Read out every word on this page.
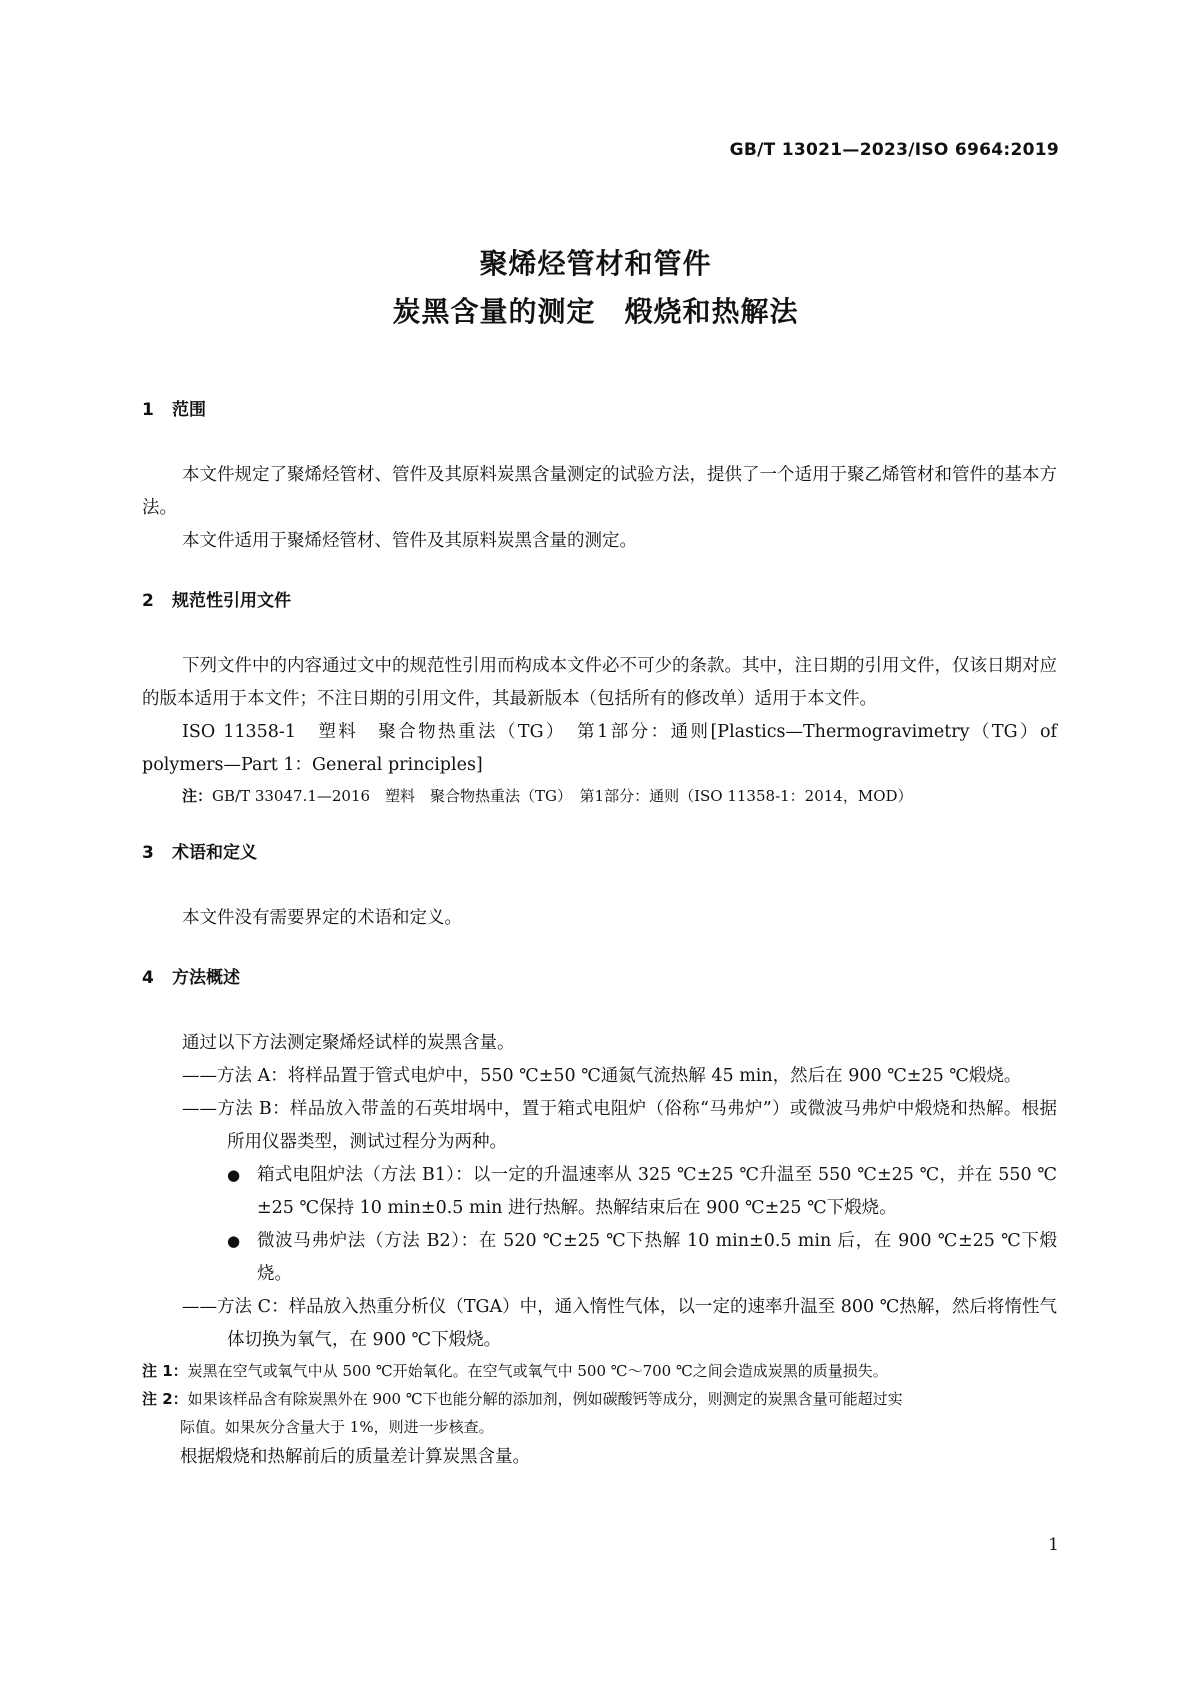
GB/T 13021—2023/ISO 6964:2019
聚烯烃管材和管件
炭黑含量的测定　煅烧和热解法
1 范围

本文件规定了聚烯烃管材、管件及其原料炭黑含量测定的试验方法，提供了一个适用于聚乙烯管材和管件的基本方法。

本文件适用于聚烯烃管材、管件及其原料炭黑含量的测定。

2 规范性引用文件

下列文件中的内容通过文中的规范性引用而构成本文件必不可少的条款。其中，注日期的引用文件，仅该日期对应的版本适用于本文件；不注日期的引用文件，其最新版本（包括所有的修改单）适用于本文件。

ISO 11358-1　塑料　聚合物热重法（TG）　第1部分：通则[Plastics—Thermogravimetry（TG）of polymers—Part 1：General principles]

注：GB/T 33047.1—2016　塑料　聚合物热重法（TG）　第1部分：通则（ISO 11358-1：2014，MOD）

3 术语和定义

本文件没有需要界定的术语和定义。

4 方法概述

通过以下方法测定聚烯烃试样的炭黑含量。

——方法 A：将样品置于管式电炉中，550 ℃±50 ℃通氮气流热解 45 min，然后在 900 ℃±25 ℃煅烧。

——方法 B：样品放入带盖的石英坩埚中，置于箱式电阻炉（俗称“马弗炉”）或微波马弗炉中煅烧和热解。根据所用仪器类型，测试过程分为两种。

● 箱式电阻炉法（方法 B1）：以一定的升温速率从 325 ℃±25 ℃升温至 550 ℃±25 ℃，并在 550 ℃±25 ℃保持 10 min±0.5 min 进行热解。热解结束后在 900 ℃±25 ℃下煅烧。
● 微波马弗炉法（方法 B2）：在 520 ℃±25 ℃下热解 10 min±0.5 min 后，在 900 ℃±25 ℃下煅烧。

——方法 C：样品放入热重分析仪（TGA）中，通入惰性气体，以一定的速率升温至 800 ℃热解，然后将惰性气体切换为氧气，在 900 ℃下煅烧。

注 1：炭黑在空气或氧气中从 500 ℃开始氧化。在空气或氧气中 500 ℃～700 ℃之间会造成炭黑的质量损失。

注 2：如果该样品含有除炭黑外在 900 ℃下也能分解的添加剂，例如碳酸钙等成分，则测定的炭黑含量可能超过实

际值。如果灰分含量大于 1%，则进一步核查。

根据煅烧和热解前后的质量差计算炭黑含量。

1
